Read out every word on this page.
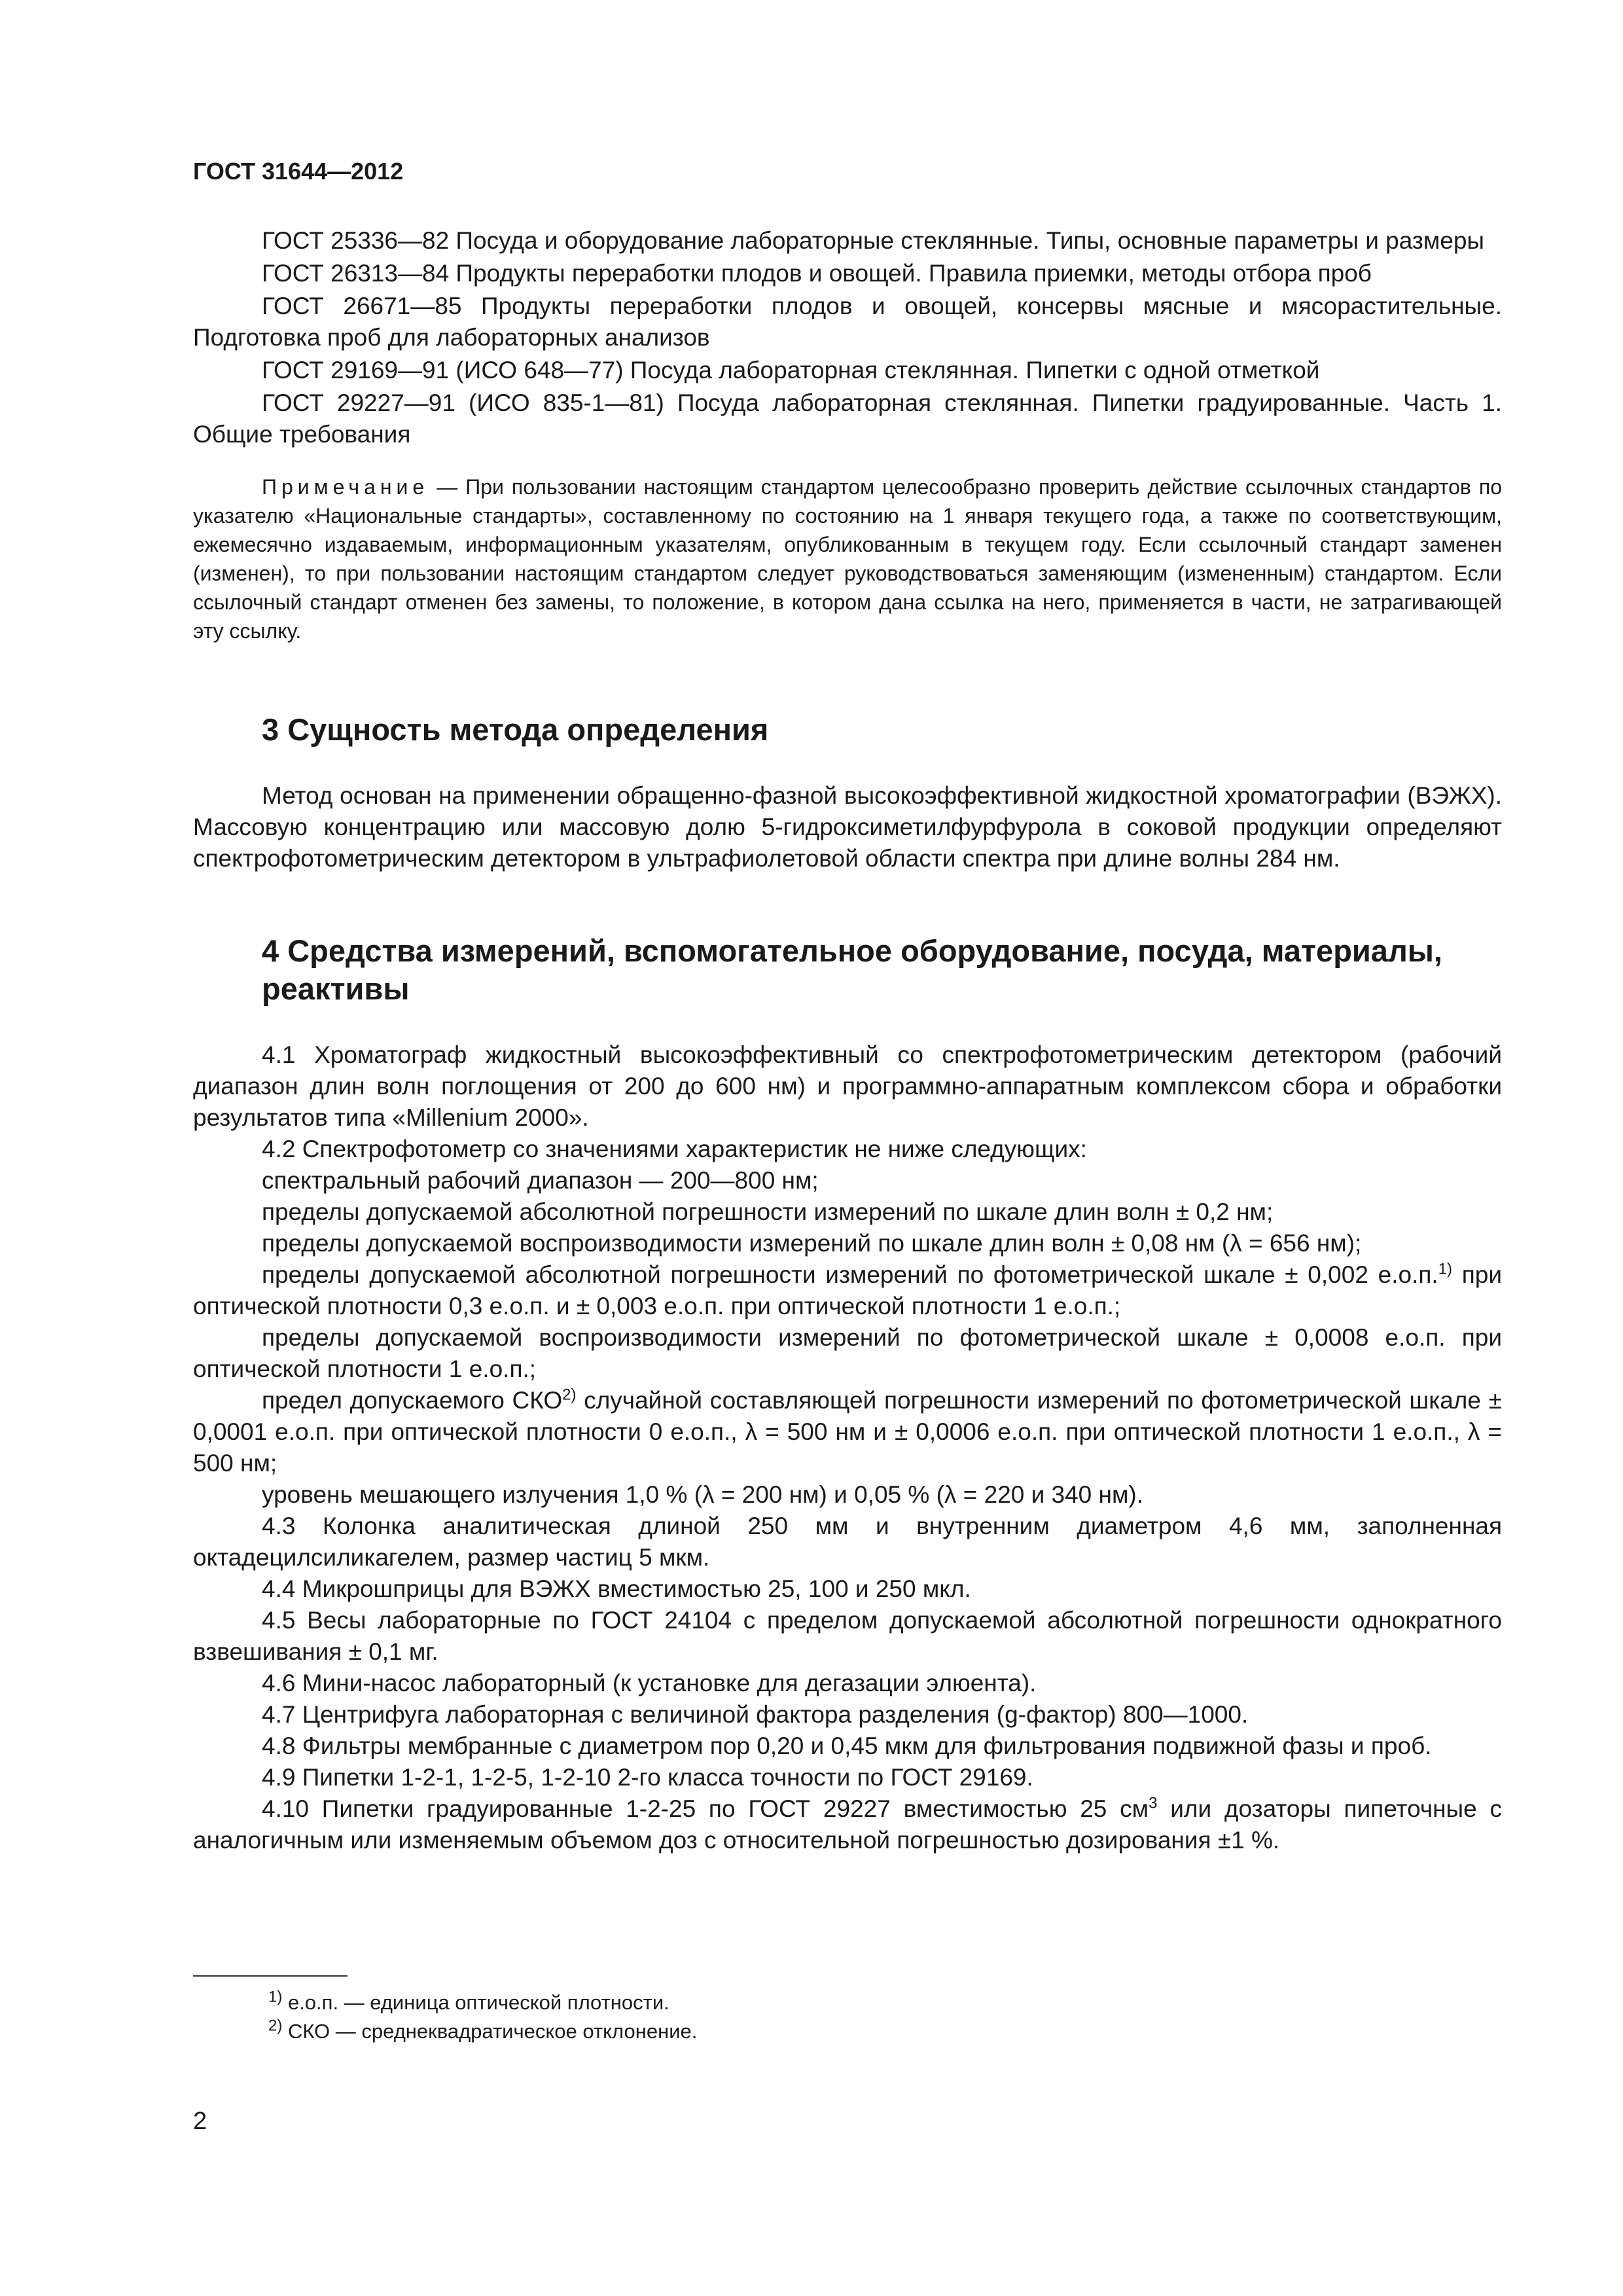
ГОСТ 31644—2012

ГОСТ 25336—82 Посуда и оборудование лабораторные стеклянные. Типы, основные параметры и размеры

ГОСТ 26313—84 Продукты переработки плодов и овощей. Правила приемки, методы отбора проб

ГОСТ 26671—85 Продукты переработки плодов и овощей, консервы мясные и мясорастительные. Подготовка проб для лабораторных анализов

ГОСТ 29169—91 (ИСО 648—77) Посуда лабораторная стеклянная. Пипетки с одной отметкой

ГОСТ 29227—91 (ИСО 835-1—81) Посуда лабораторная стеклянная. Пипетки градуированные. Часть 1. Общие требования

Примечание — При пользовании настоящим стандартом целесообразно проверить действие ссылочных стандартов по указателю «Национальные стандарты», составленному по состоянию на 1 января текущего года, а также по соответствующим, ежемесячно издаваемым, информационным указателям, опубликованным в текущем году. Если ссылочный стандарт заменен (изменен), то при пользовании настоящим стандартом следует руководствоваться заменяющим (измененным) стандартом. Если ссылочный стандарт отменен без замены, то положение, в котором дана ссылка на него, применяется в части, не затрагивающей эту ссылку.

3 Сущность метода определения

Метод основан на применении обращенно-фазной высокоэффективной жидкостной хроматографии (ВЭЖХ). Массовую концентрацию или массовую долю 5-гидроксиметилфурфурола в соковой продукции определяют спектрофотометрическим детектором в ультрафиолетовой области спектра при длине волны 284 нм.

4 Средства измерений, вспомогательное оборудование, посуда, материалы, реактивы

4.1 Хроматограф жидкостный высокоэффективный со спектрофотометрическим детектором (рабочий диапазон длин волн поглощения от 200 до 600 нм) и программно-аппаратным комплексом сбора и обработки результатов типа «Millenium 2000».

4.2 Спектрофотометр со значениями характеристик не ниже следующих:

спектральный рабочий диапазон — 200—800 нм;

пределы допускаемой абсолютной погрешности измерений по шкале длин волн ± 0,2 нм;

пределы допускаемой воспроизводимости измерений по шкале длин волн ± 0,08 нм (λ = 656 нм);

пределы допускаемой абсолютной погрешности измерений по фотометрической шкале ± 0,002 е.о.п.$^{1)}$ при оптической плотности 0,3 е.о.п. и ± 0,003 е.о.п. при оптической плотности 1 е.о.п.;

пределы допускаемой воспроизводимости измерений по фотометрической шкале ± 0,0008 е.о.п. при оптической плотности 1 е.о.п.;

предел допускаемого СКО$^{2)}$ случайной составляющей погрешности измерений по фотометрической шкале ± 0,0001 е.о.п. при оптической плотности 0 е.о.п., λ = 500 нм и ± 0,0006 е.о.п. при оптической плотности 1 е.о.п., λ = 500 нм;

уровень мешающего излучения 1,0 % (λ = 200 нм) и 0,05 % (λ = 220 и 340 нм).

4.3 Колонка аналитическая длиной 250 мм и внутренним диаметром 4,6 мм, заполненная октадецилсиликагелем, размер частиц 5 мкм.

4.4 Микрошприцы для ВЭЖХ вместимостью 25, 100 и 250 мкл.

4.5 Весы лабораторные по ГОСТ 24104 с пределом допускаемой абсолютной погрешности однократного взвешивания ± 0,1 мг.

4.6 Мини-насос лабораторный (к установке для дегазации элюента).

4.7 Центрифуга лабораторная с величиной фактора разделения (g-фактор) 800—1000.

4.8 Фильтры мембранные с диаметром пор 0,20 и 0,45 мкм для фильтрования подвижной фазы и проб.

4.9 Пипетки 1-2-1, 1-2-5, 1-2-10 2-го класса точности по ГОСТ 29169.

4.10 Пипетки градуированные 1-2-25 по ГОСТ 29227 вместимостью 25 $см^3$ или дозаторы пипеточные с аналогичным или изменяемым объемом доз с относительной погрешностью дозирования ±1 %.

$^{1)}$ е.о.п. — единица оптической плотности.

$^{2)}$ СКО — среднеквадратическое отклонение.

2
